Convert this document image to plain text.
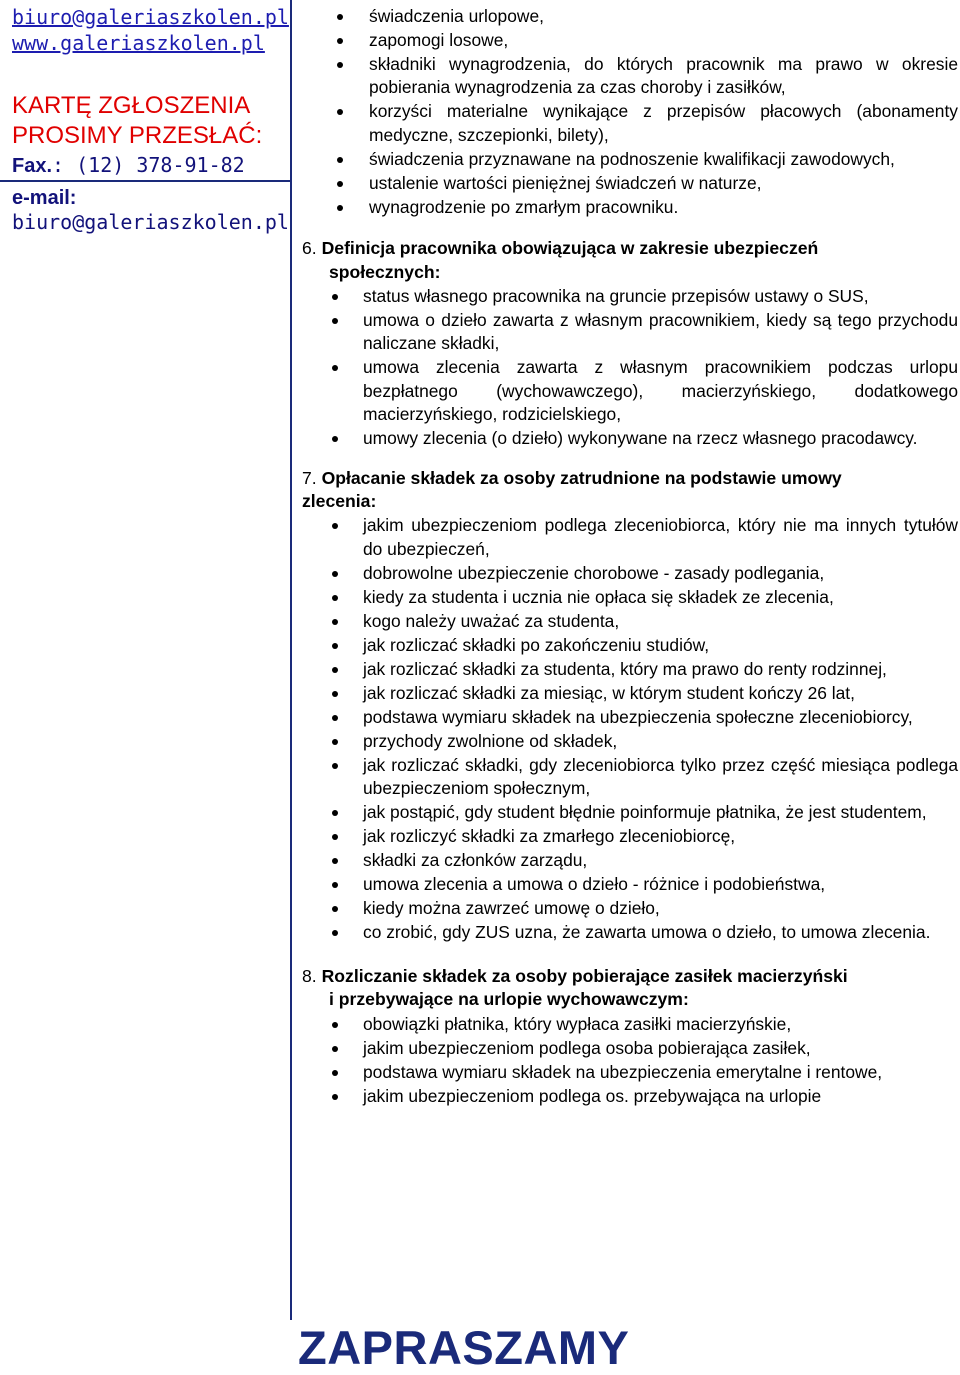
biuro@galeriaszkolen.pl
www.galeriaszkolen.pl
KARTĘ ZGŁOSZENIA
PROSIMY PRZESŁAĆ:
Fax.: (12) 378-91-82
e-mail:
biuro@galeriaszkolen.pl
świadczenia urlopowe,
zapomogi losowe,
składniki wynagrodzenia, do których pracownik ma prawo w okresie pobierania wynagrodzenia za czas choroby i zasiłków,
korzyści materialne wynikające z przepisów płacowych (abonamenty medyczne, szczepionki, bilety),
świadczenia przyznawane na podnoszenie kwalifikacji zawodowych,
ustalenie wartości pieniężnej świadczeń w naturze,
wynagrodzenie po zmarłym pracowniku.
6. Definicja pracownika obowiązująca w zakresie ubezpieczeń
społecznych:
status własnego pracownika na gruncie przepisów ustawy o SUS,
umowa o dzieło zawarta z własnym pracownikiem, kiedy są tego przychodu naliczane składki,
umowa zlecenia zawarta z własnym pracownikiem podczas urlopu bezpłatnego (wychowawczego), macierzyńskiego, dodatkowego macierzyńskiego, rodzicielskiego,
umowy zlecenia (o dzieło) wykonywane na rzecz własnego pracodawcy.
7. Opłacanie składek za osoby zatrudnione na podstawie umowy
zlecenia:
jakim ubezpieczeniom podlega zleceniobiorca, który nie ma innych tytułów do ubezpieczeń,
dobrowolne ubezpieczenie chorobowe - zasady podlegania,
kiedy za studenta i ucznia nie opłaca się składek ze zlecenia,
kogo należy uważać za studenta,
jak rozliczać składki po zakończeniu studiów,
jak rozliczać składki za studenta, który ma prawo do renty rodzinnej,
jak rozliczać składki za miesiąc, w którym student kończy 26 lat,
podstawa wymiaru składek na ubezpieczenia społeczne zleceniobiorcy,
przychody zwolnione od składek,
jak rozliczać składki, gdy zleceniobiorca tylko przez część miesiąca podlega ubezpieczeniom społecznym,
jak postąpić, gdy student błędnie poinformuje płatnika, że jest studentem,
jak rozliczyć składki za zmarłego zleceniobiorcę,
składki za członków zarządu,
umowa zlecenia a umowa o dzieło - różnice i podobieństwa,
kiedy można zawrzeć umowę o dzieło,
co zrobić, gdy ZUS uzna, że zawarta umowa o dzieło, to umowa zlecenia.
8. Rozliczanie składek za osoby pobierające zasiłek macierzyński
i przebywające na urlopie wychowawczym:
obowiązki płatnika, który wypłaca zasiłki macierzyńskie,
jakim ubezpieczeniom podlega osoba pobierająca zasiłek,
podstawa wymiaru składek na ubezpieczenia emerytalne i rentowe,
jakim ubezpieczeniom podlega os. przebywająca na urlopie
ZAPRASZAMY
